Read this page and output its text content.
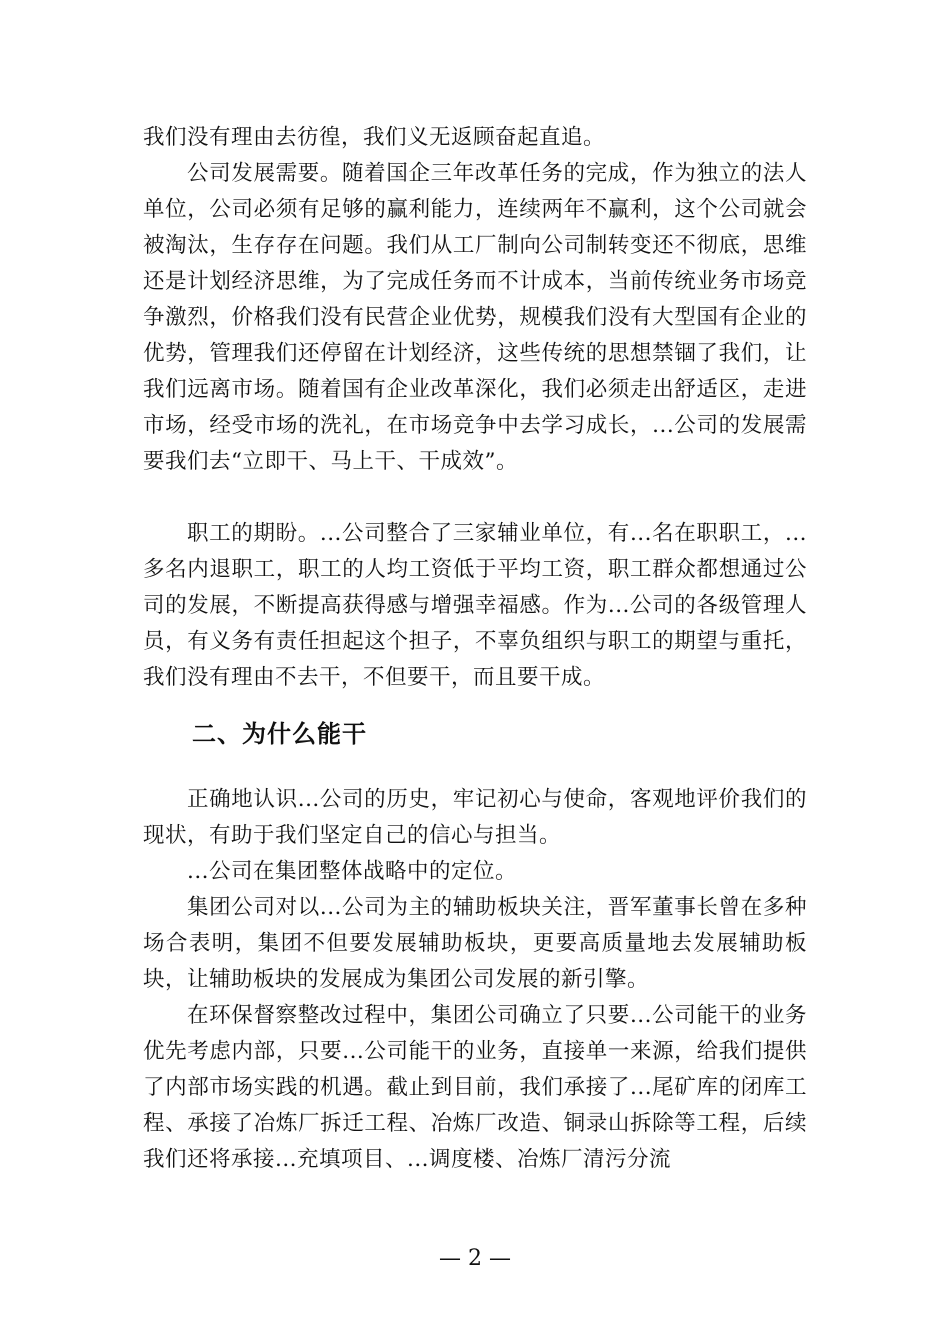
我们没有理由去彷徨，我们义无返顾奋起直追。

公司发展需要。随着国企三年改革任务的完成，作为独立的法人单位，公司必须有足够的赢利能力，连续两年不赢利，这个公司就会被淘汰，生存存在问题。我们从工厂制向公司制转变还不彻底，思维还是计划经济思维，为了完成任务而不计成本，当前传统业务市场竞争激烈，价格我们没有民营企业优势，规模我们没有大型国有企业的优势，管理我们还停留在计划经济，这些传统的思想禁锢了我们，让我们远离市场。随着国有企业改革深化，我们必须走出舒适区，走进市场，经受市场的洗礼，在市场竞争中去学习成长，...公司的发展需要我们去“立即干、马上干、干成效”。

职工的期盼。...公司整合了三家辅业单位，有...名在职职工，...多名内退职工，职工的人均工资低于平均工资，职工群众都想通过公司的发展，不断提高获得感与增强幸福感。作为...公司的各级管理人员，有义务有责任担起这个担子，不辜负组织与职工的期望与重托，我们没有理由不去干，不但要干，而且要干成。

二、为什么能干

正确地认识...公司的历史，牢记初心与使命，客观地评价我们的现状，有助于我们坚定自己的信心与担当。

...公司在集团整体战略中的定位。

集团公司对以...公司为主的辅助板块关注，晋军董事长曾在多种场合表明，集团不但要发展辅助板块，更要高质量地去发展辅助板块，让辅助板块的发展成为集团公司发展的新引擎。

在环保督察整改过程中，集团公司确立了只要...公司能干的业务优先考虑内部，只要...公司能干的业务，直接单一来源，给我们提供了内部市场实践的机遇。截止到目前，我们承接了...尾矿库的闭库工程、承接了冶炼厂拆迁工程、冶炼厂改造、铜录山拆除等工程，后续我们还将承接...充填项目、...调度楼、冶炼厂清污分流

— 2 —
